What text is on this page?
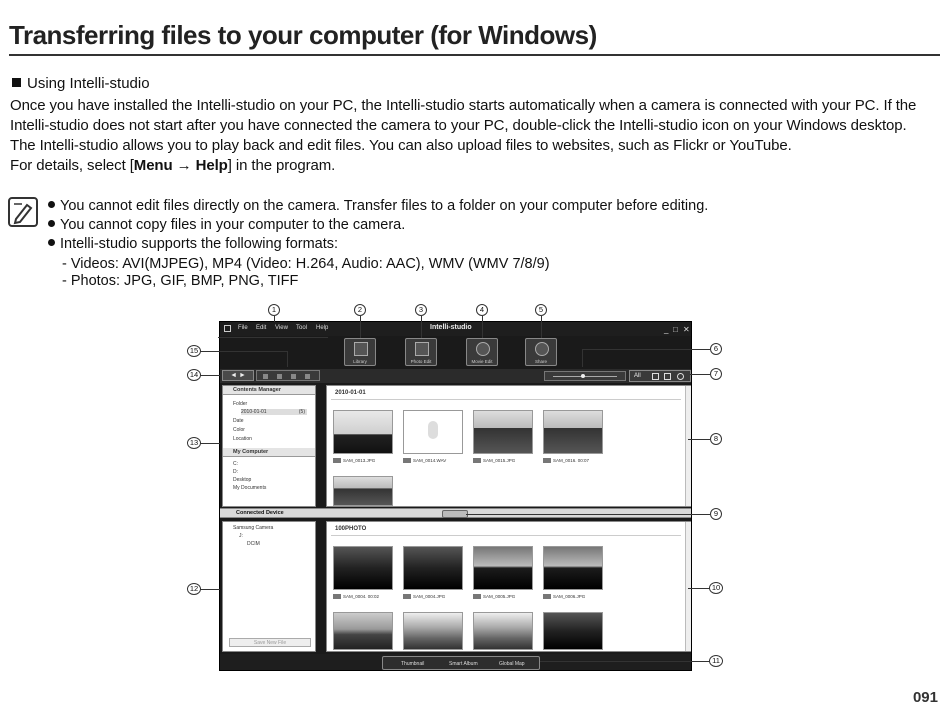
Transferring files to your computer (for Windows)
Using Intelli-studio
Once you have installed the Intelli-studio on your PC, the Intelli-studio starts automatically when a camera is connected with your PC. If the
Intelli-studio does not start after you have connected the camera to your PC, double-click the Intelli-studio icon on your Windows desktop.
The Intelli-studio allows you to play back and edit files. You can also upload files to websites, such as Flickr or YouTube.
For details, select [Menu → Help] in the program.
You cannot edit files directly on the camera. Transfer files to a folder on your computer before editing.
You cannot copy files in your computer to the camera.
Intelli-studio supports the following formats:
- Videos: AVI(MJPEG), MP4 (Video: H.264, Audio: AAC), WMV (WMV 7/8/9)
- Photos: JPG, GIF, BMP, PNG, TIFF
File Edit View Tool Help	Intelli-studio	_ □ ✕
Library	Photo Edit	Movie Edit	Share
◄ ►	All
Contents Manager
Folder
2010-01-01	(5)
Date
Color
Location
My Computer
C:
D:
Desktop
My Documents
2010-01-01
SAM_0013.JPG	SAM_0014.WAV	SAM_0015.JPG	SAM_0016. 00:07
Connected Device
Samsung Camera
J:
DCIM
Save New File
100PHOTO
SAM_0004. 00:02	SAM_0004.JPG	SAM_0005.JPG	SAM_0006.JPG
Thumbnail	Smart Album	Global Map
1	2	3	4	5
6
7
8
9
10
11
12
13
14
15
091
